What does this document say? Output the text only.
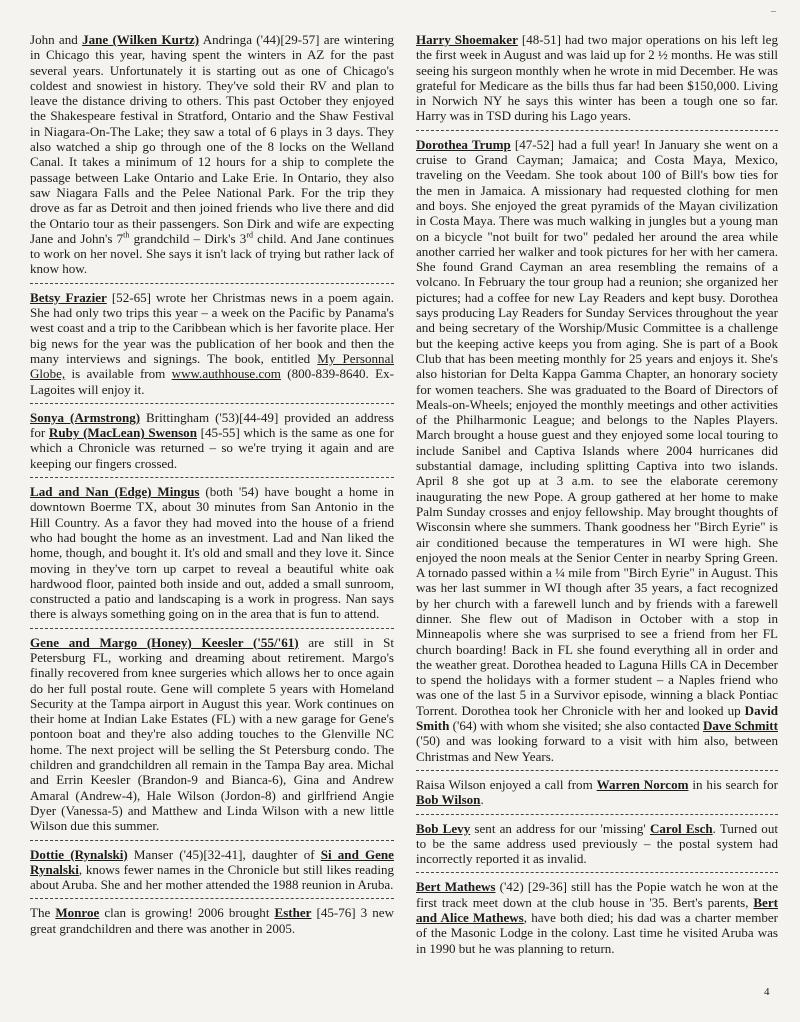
–

John and Jane (Wilken Kurtz) Andringa ('44)[29-57] are wintering in Chicago this year, having spent the winters in AZ for the past several years. Unfortunately it is starting out as one of Chicago's coldest and snowiest in history. They've sold their RV and plan to leave the distance driving to others. This past October they enjoyed the Shakespeare festival in Stratford, Ontario and the Shaw Festival in Niagara-On-The Lake; they saw a total of 6 plays in 3 days. They also watched a ship go through one of the 8 locks on the Welland Canal. It takes a minimum of 12 hours for a ship to complete the passage between Lake Ontario and Lake Erie. In Ontario, they also saw Niagara Falls and the Pelee National Park. For the trip they drove as far as Detroit and then joined friends who live there and did the Ontario tour as their passengers. Son Dirk and wife are expecting Jane and John's 7th grandchild – Dirk's 3rd child. And Jane continues to work on her novel. She says it isn't lack of trying but rather lack of know how.

Betsy Frazier [52-65] wrote her Christmas news in a poem again. She had only two trips this year – a week on the Pacific by Panama's west coast and a trip to the Caribbean which is her favorite place. Her big news for the year was the publication of her book and then the many interviews and signings. The book, entitled My Personnal Globe, is available from www.authhouse.com (800-839-8640. Ex-Lagoites will enjoy it.

Sonya (Armstrong) Brittingham ('53)[44-49] provided an address for Ruby (MacLean) Swenson [45-55] which is the same as one for which a Chronicle was returned – so we're trying it again and are keeping our fingers crossed.

Lad and Nan (Edge) Mingus (both '54) have bought a home in downtown Boerme TX, about 30 minutes from San Antonio in the Hill Country. As a favor they had moved into the house of a friend who had bought the home as an investment. Lad and Nan liked the home, though, and bought it. It's old and small and they love it. Since moving in they've torn up carpet to reveal a beautiful white oak hardwood floor, painted both inside and out, added a small sunroom, constructed a patio and landscaping is a work in progress. Nan says there is always something going on in the area that is fun to attend.

Gene and Margo (Honey) Keesler ('55/'61) are still in St Petersburg FL, working and dreaming about retirement. Margo's finally recovered from knee surgeries which allows her to once again do her full postal route. Gene will complete 5 years with Homeland Security at the Tampa airport in August this year. Work continues on their home at Indian Lake Estates (FL) with a new garage for Gene's pontoon boat and they're also adding touches to the Glenville NC home. The next project will be selling the St Petersburg condo. The children and grandchildren all remain in the Tampa Bay area. Michal and Errin Keesler (Brandon-9 and Bianca-6), Gina and Andrew Amaral (Andrew-4), Hale Wilson (Jordon-8) and girlfriend Angie Dyer (Vanessa-5) and Matthew and Linda Wilson with a new little Wilson due this summer.

Dottie (Rynalski) Manser ('45)[32-41], daughter of Si and Gene Rynalski, knows fewer names in the Chronicle but still likes reading about Aruba. She and her mother attended the 1988 reunion in Aruba.

The Monroe clan is growing! 2006 brought Esther [45-76] 3 new great grandchildren and there was another in 2005.

Harry Shoemaker [48-51] had two major operations on his left leg the first week in August and was laid up for 2 ½ months. He was still seeing his surgeon monthly when he wrote in mid December. He was grateful for Medicare as the bills thus far had been $150,000. Living in Norwich NY he says this winter has been a tough one so far. Harry was in TSD during his Lago years.

Dorothea Trump [47-52] had a full year! In January she went on a cruise to Grand Cayman; Jamaica; and Costa Maya, Mexico, traveling on the Veedam. She took about 100 of Bill's bow ties for the men in Jamaica. A missionary had requested clothing for men and boys. She enjoyed the great pyramids of the Mayan civilization in Costa Maya. There was much walking in jungles but a young man on a bicycle "not built for two" pedaled her around the area while another carried her walker and took pictures for her with her camera. She found Grand Cayman an area resembling the remains of a volcano. In February the tour group had a reunion; she organized her pictures; had a coffee for new Lay Readers and kept busy. Dorothea says producing Lay Readers for Sunday Services throughout the year and being secretary of the Worship/Music Committee is a challenge but the keeping active keeps you from aging. She is part of a Book Club that has been meeting monthly for 25 years and enjoys it. She's also historian for Delta Kappa Gamma Chapter, an honorary society for women teachers. She was graduated to the Board of Directors of Meals-on-Wheels; enjoyed the monthly meetings and other activities of the Philharmonic League; and belongs to the Naples Players. March brought a house guest and they enjoyed some local touring to include Sanibel and Captiva Islands where 2004 hurricanes did substantial damage, including splitting Captiva into two islands. April 8 she got up at 3 a.m. to see the elaborate ceremony inaugurating the new Pope. A group gathered at her home to make Palm Sunday crosses and enjoy fellowship. May brought thoughts of Wisconsin where she summers. Thank goodness her "Birch Eyrie" is air conditioned because the temperatures in WI were high. She enjoyed the noon meals at the Senior Center in nearby Spring Green. A tornado passed within a ¼ mile from "Birch Eyrie" in August. This was her last summer in WI though after 35 years, a fact recognized by her church with a farewell lunch and by friends with a farewell dinner. She flew out of Madison in October with a stop in Minneapolis where she was surprised to see a friend from her FL church boarding! Back in FL she found everything all in order and the weather great. Dorothea headed to Laguna Hills CA in December to spend the holidays with a former student – a Naples friend who was one of the last 5 in a Survivor episode, winning a black Pontiac Torrent. Dorothea took her Chronicle with her and looked up David Smith ('64) with whom she visited; she also contacted Dave Schmitt ('50) and was looking forward to a visit with him also, between Christmas and New Years.

Raisa Wilson enjoyed a call from Warren Norcom in his search for Bob Wilson.

Bob Levy sent an address for our 'missing' Carol Esch. Turned out to be the same address used previously – the postal system had incorrectly reported it as invalid.

Bert Mathews ('42) [29-36] still has the Popie watch he won at the first track meet down at the club house in '35. Bert's parents, Bert and Alice Mathews, have both died; his dad was a charter member of the Masonic Lodge in the colony. Last time he visited Aruba was in 1990 but he was planning to return.

4
